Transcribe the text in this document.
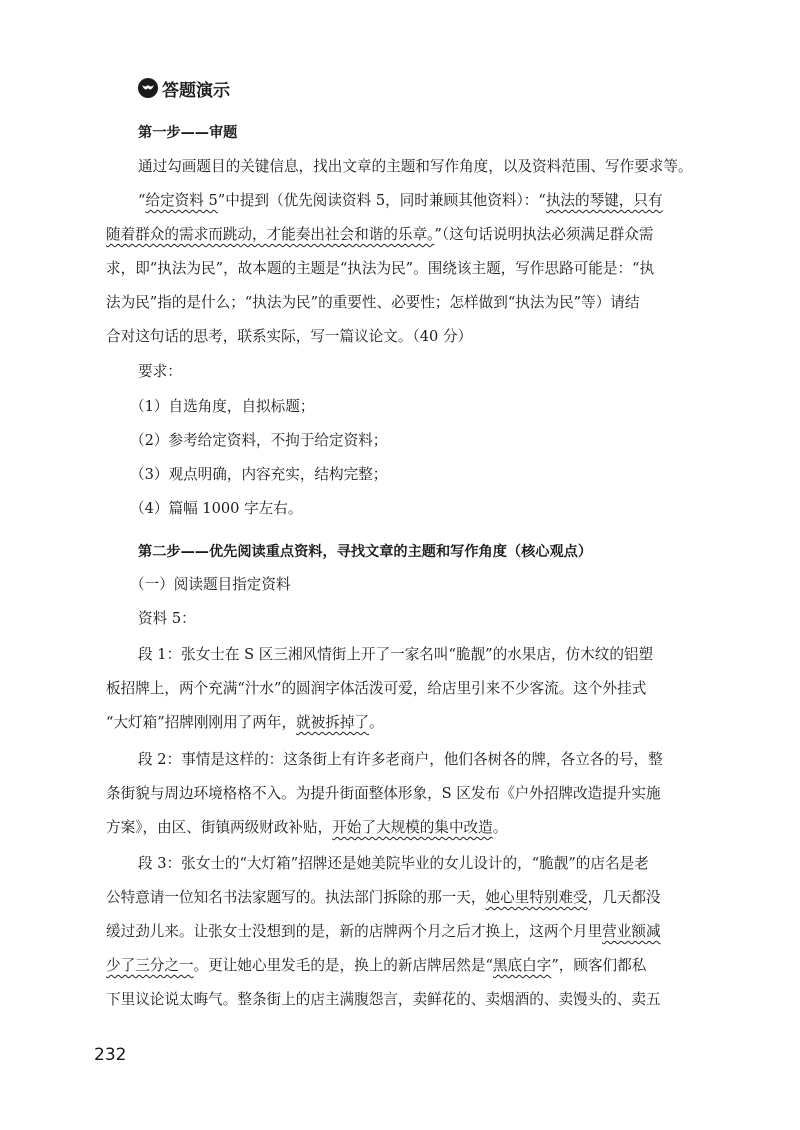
答题演示
第一步——审题
通过勾画题目的关键信息，找出文章的主题和写作角度，以及资料范围、写作要求等。
“给定资料 5”中提到（优先阅读资料 5，同时兼顾其他资料）：“执法的琴键，只有
随着群众的需求而跳动，才能奏出社会和谐的乐章。”（这句话说明执法必须满足群众需
求，即“执法为民”，故本题的主题是“执法为民”。围绕该主题，写作思路可能是：“执
法为民”指的是什么；“执法为民”的重要性、必要性；怎样做到“执法为民”等）请结
合对这句话的思考，联系实际，写一篇议论文。（40 分）
要求：
（1）自选角度，自拟标题；
（2）参考给定资料，不拘于给定资料；
（3）观点明确，内容充实，结构完整；
（4）篇幅 1000 字左右。
第二步——优先阅读重点资料，寻找文章的主题和写作角度（核心观点）
（一）阅读题目指定资料
资料 5：
段 1：张女士在 S 区三湘风情街上开了一家名叫“脆靓”的水果店，仿木纹的铝塑
板招牌上，两个充满“汁水”的圆润字体活泼可爱，给店里引来不少客流。这个外挂式
“大灯箱”招牌刚刚用了两年，就被拆掉了。
段 2：事情是这样的：这条街上有许多老商户，他们各树各的牌，各立各的号，整
条街貌与周边环境格格不入。为提升街面整体形象，S 区发布《户外招牌改造提升实施
方案》，由区、街镇两级财政补贴，开始了大规模的集中改造。
段 3：张女士的“大灯箱”招牌还是她美院毕业的女儿设计的，“脆靓”的店名是老
公特意请一位知名书法家题写的。执法部门拆除的那一天，她心里特别难受，几天都没
缓过劲儿来。让张女士没想到的是，新的店牌两个月之后才换上，这两个月里营业额减
少了三分之一。更让她心里发毛的是，换上的新店牌居然是“黑底白字”，顾客们都私
下里议论说太晦气。整条街上的店主满腹怨言，卖鲜花的、卖烟酒的、卖馒头的、卖五
232
